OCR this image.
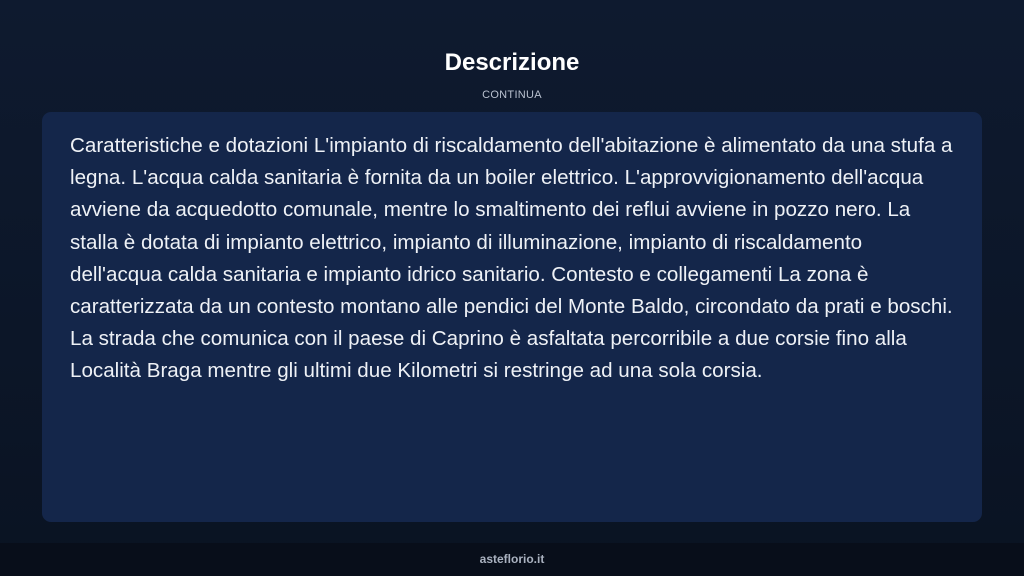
Descrizione
CONTINUA

Caratteristiche e dotazioni L'impianto di riscaldamento dell'abitazione è alimentato da una stufa a legna. L'acqua calda sanitaria è fornita da un boiler elettrico. L'approvvigionamento dell'acqua avviene da acquedotto comunale, mentre lo smaltimento dei reflui avviene in pozzo nero. La stalla è dotata di impianto elettrico, impianto di illuminazione, impianto di riscaldamento dell'acqua calda sanitaria e impianto idrico sanitario. Contesto e collegamenti La zona è caratterizzata da un contesto montano alle pendici del Monte Baldo, circondato da prati e boschi. La strada che comunica con il paese di Caprino è asfaltata percorribile a due corsie fino alla Località Braga mentre gli ultimi due Kilometri si restringe ad una sola corsia.

asteflorio.it
